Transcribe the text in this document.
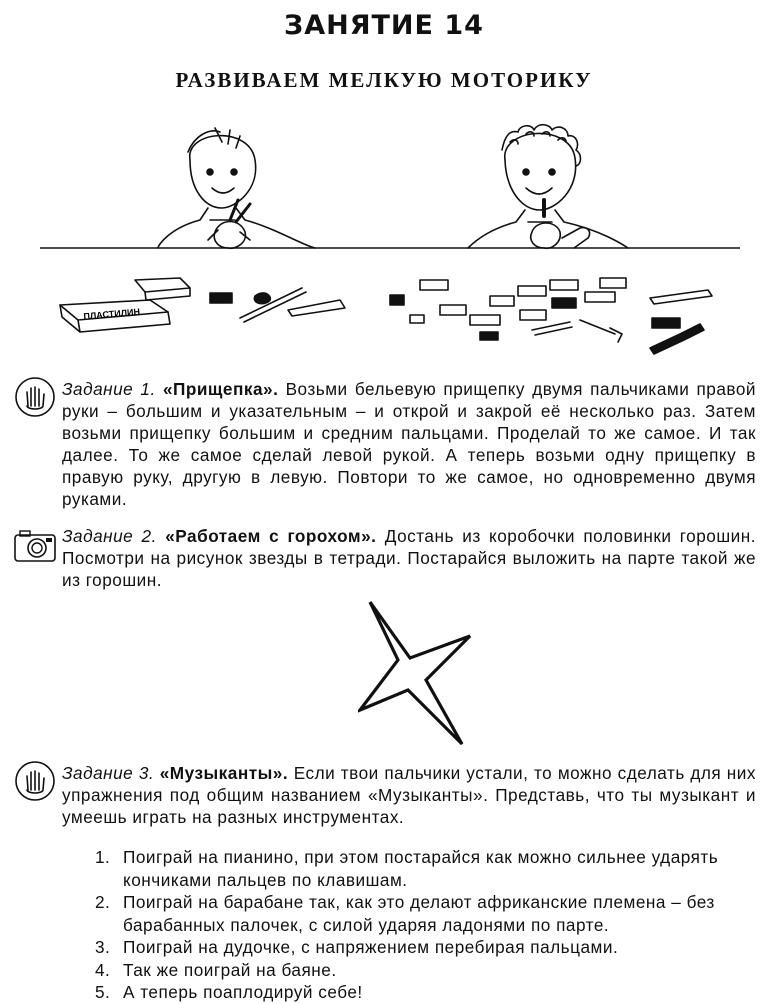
ЗАНЯТИЕ 14
РАЗВИВАЕМ МЕЛКУЮ МОТОРИКУ
ПЛАСТИЛИН
Задание 1. «Прищепка». Возьми бельевую прищепку двумя пальчиками правой руки – большим и указательным – и открой и закрой её несколько раз. Затем возьми прищепку большим и средним пальцами. Проделай то же самое. И так далее. То же самое сделай левой рукой. А теперь возьми одну прищепку в правую руку, другую в левую. Повтори то же самое, но одновременно двумя руками.
Задание 2. «Работаем с горохом». Достань из коробочки половинки горошин. Посмотри на рисунок звезды в тетради. Постарайся выложить на парте такой же из горошин.
Задание 3. «Музыканты». Если твои пальчики устали, то можно сделать для них упражнения под общим названием «Музыканты». Представь, что ты музыкант и умеешь играть на разных инструментах.
1. Поиграй на пианино, при этом постарайся как можно сильнее ударять кончиками пальцев по клавишам.
2. Поиграй на барабане так, как это делают африканские племена – без барабанных палочек, с силой ударяя ладонями по парте.
3. Поиграй на дудочке, с напряжением перебирая пальцами.
4. Так же поиграй на баяне.
5. А теперь поаплодируй себе!
